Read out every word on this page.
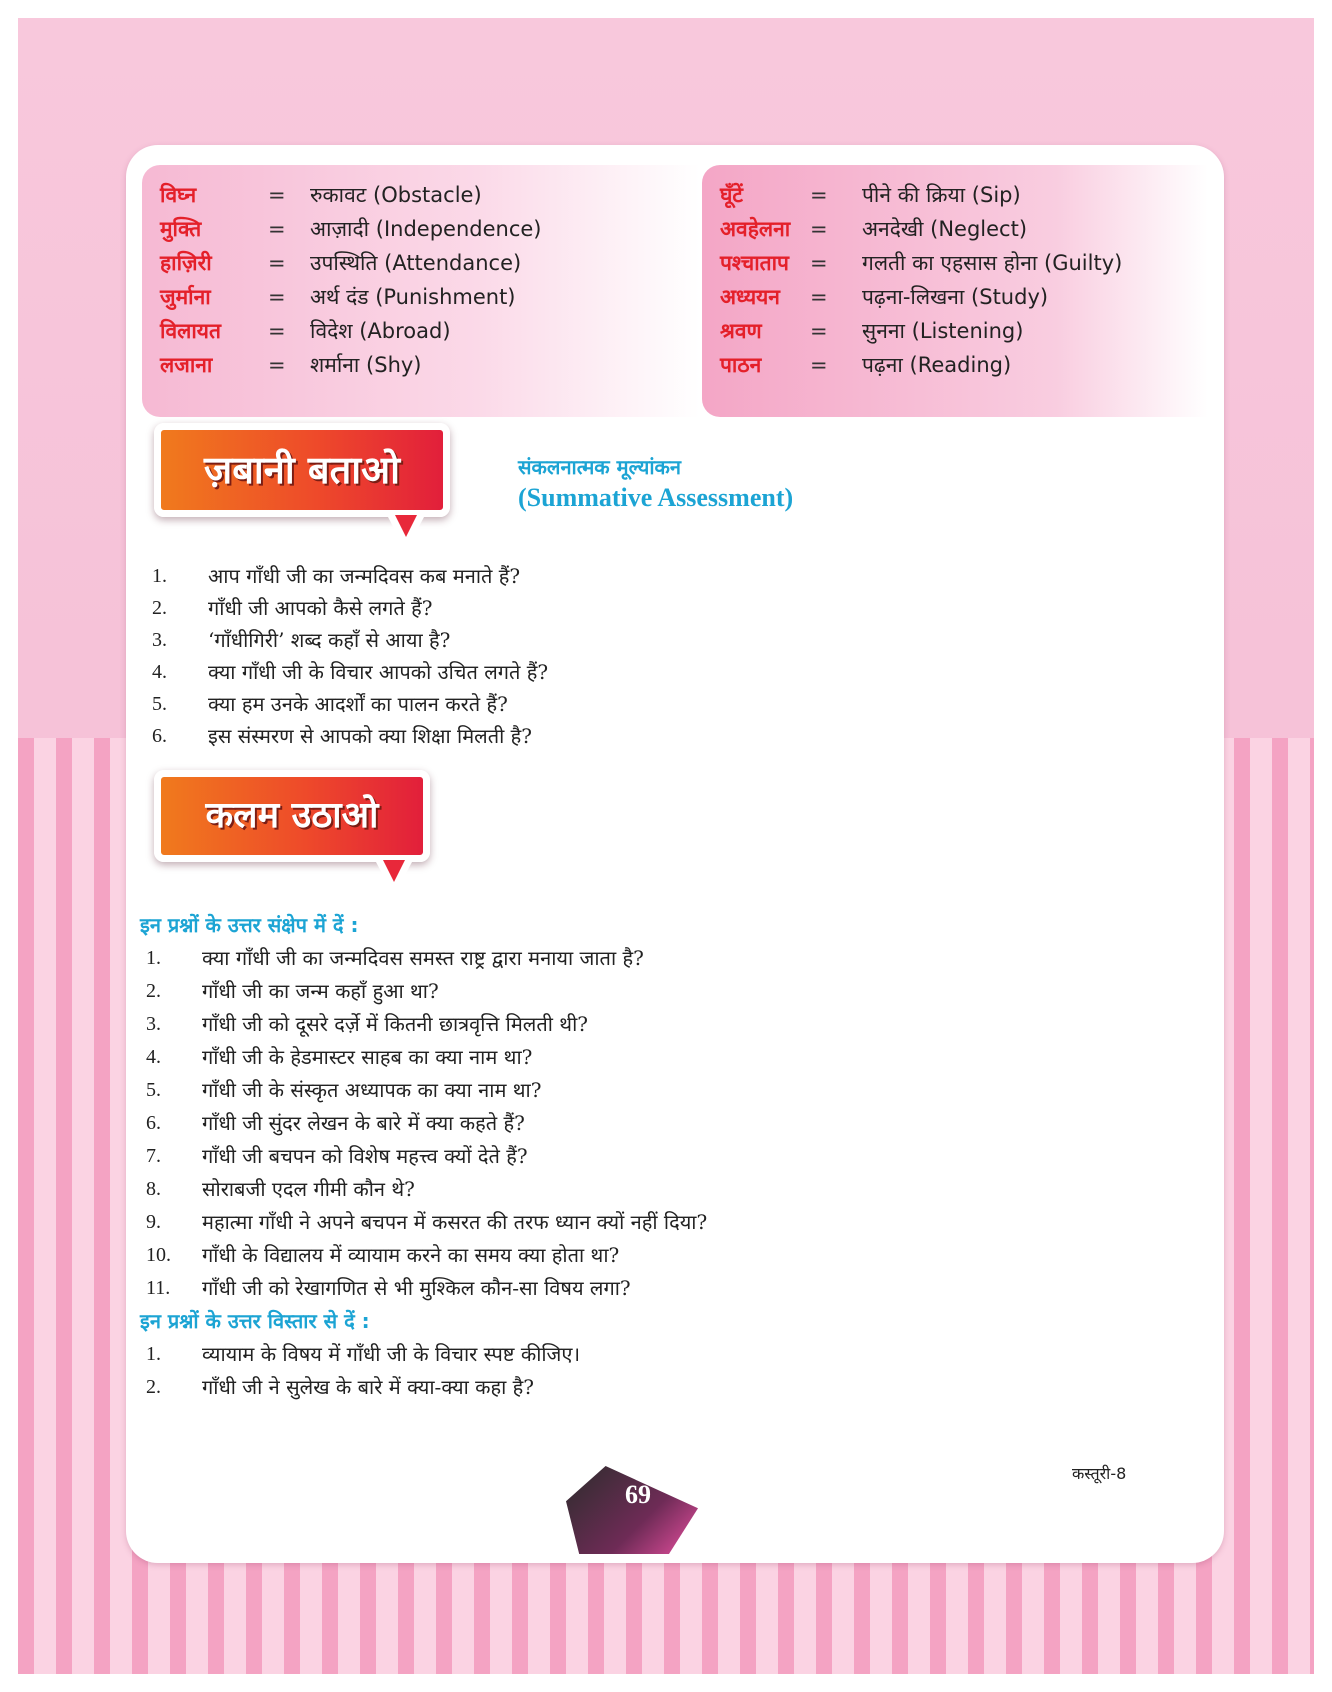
विघ्न	= रुकावट (Obstacle)
मुक्ति	= आज़ादी (Independence)
हाज़िरी	= उपस्थिति (Attendance)
जुर्माना	= अर्थ दंड (Punishment)
विलायत = विदेश (Abroad)
लजाना	= शर्माना (Shy)
घूँटें	= पीने की क्रिया (Sip)
अवहेलना = अनदेखी (Neglect)
पश्चाताप = गलती का एहसास होना (Guilty)
अध्ययन = पढ़ना-लिखना (Study)
श्रवण = सुनना (Listening)
पाठन = पढ़ना (Reading)
ज़बानी बताओ	संकलनात्मक मूल्यांकन
(Summative Assessment)
1.	आप गाँधी जी का जन्मदिवस कब मनाते हैं?
2.	गाँधी जी आपको कैसे लगते हैं?
3.	‘गाँधीगिरी’ शब्द कहाँ से आया है?
4.	क्या गाँधी जी के विचार आपको उचित लगते हैं?
5.	क्या हम उनके आदर्शों का पालन करते हैं?
6.	इस संस्मरण से आपको क्या शिक्षा मिलती है?
कलम उठाओ
इन प्रश्नों के उत्तर संक्षेप में दें :
1.	क्या गाँधी जी का जन्मदिवस समस्त राष्ट्र द्वारा मनाया जाता है?
2.	गाँधी जी का जन्म कहाँ हुआ था?
3.	गाँधी जी को दूसरे दर्ज़े में कितनी छात्रवृत्ति मिलती थी?
4.	गाँधी जी के हेडमास्टर साहब का क्या नाम था?
5.	गाँधी जी के संस्कृत अध्यापक का क्या नाम था?
6.	गाँधी जी सुंदर लेखन के बारे में क्या कहते हैं?
7.	गाँधी जी बचपन को विशेष महत्त्व क्यों देते हैं?
8.	सोराबजी एदल गीमी कौन थे?
9.	महात्मा गाँधी ने अपने बचपन में कसरत की तरफ ध्यान क्यों नहीं दिया?
10.	गाँधी के विद्यालय में व्यायाम करने का समय क्या होता था?
11.	गाँधी जी को रेखागणित से भी मुश्किल कौन-सा विषय लगा?
इन प्रश्नों के उत्तर विस्तार से दें :
1.	व्यायाम के विषय में गाँधी जी के विचार स्पष्ट कीजिए।
2.	गाँधी जी ने सुलेख के बारे में क्या-क्या कहा है?
69
कस्तूरी-8
